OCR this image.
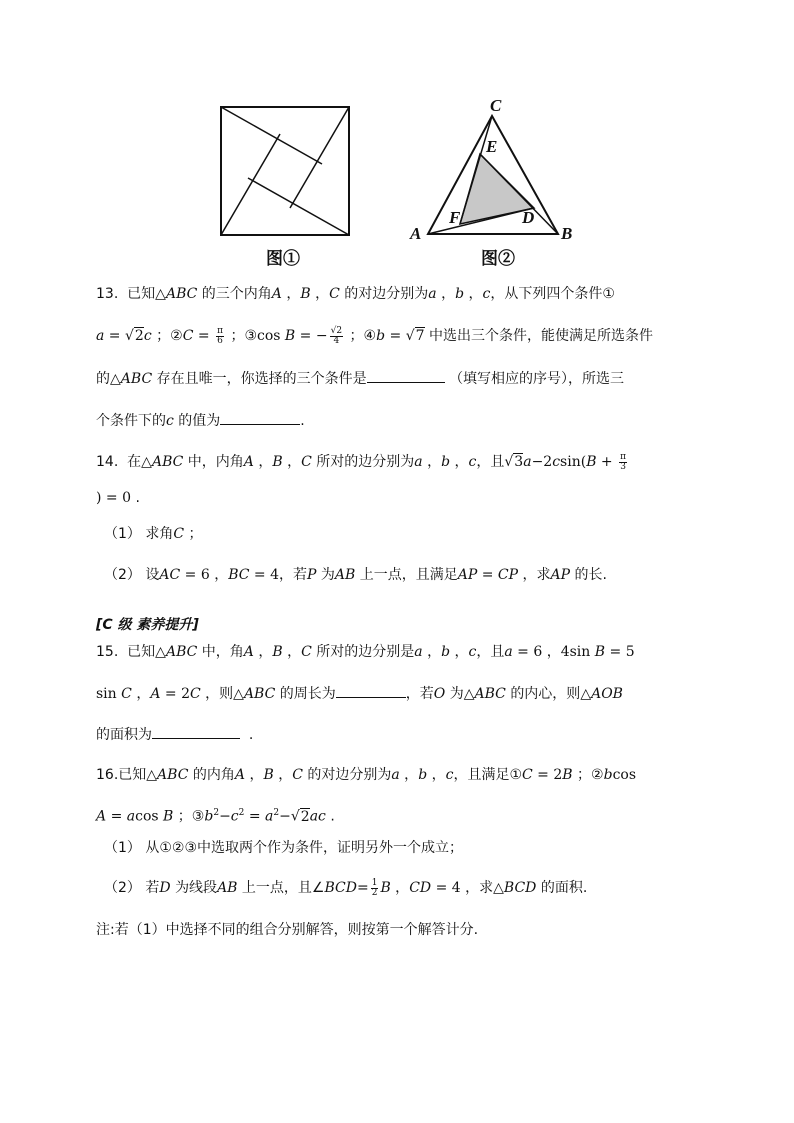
图①
C
E
F	D
A	B
图②
13. 已知△ABC 的三个内角A ，B ，C 的对边分别为a ，b ，c，从下列四个条件①
a = √2c ；②C = $\frac{\pi}{6}$ ；③cos B = − $\frac{√2}{4}$ ；④b = √7 中选出三个条件，能使满足所选条件
的△ABC 存在且唯一，你选择的三个条件是	（填写相应的序号），所选三
个条件下的c 的值为	.
14. 在△ABC 中，内角A ，B ，C 所对的边分别为a ，b ，c，且$√3a-2csin(B + \frac{\pi}{3}$
) = 0 .
（1） 求角C ；
（2） 设AC = 6 ，BC = 4，若P 为AB 上一点，且满足AP = CP ，求AP 的长.
[C 级 素养提升]
15. 已知△ABC 中，角A ，B ，C 所对的边分别是a ，b ，c，且a = 6 ，4sin B = 5
sin C ，A = 2C ，则△ABC 的周长为	，若O 为△ABC 的内心，则△AOB
的面积为	.
16.已知△ABC 的内角A ，B ，C 的对边分别为a ，b ，c，且满足①C = 2B ；②bcos
A = acos B ；$③b^2-c^2 = a^2-√2ac$ .
（1） 从①②③中选取两个作为条件，证明另外一个成立；
（2） 若D 为线段AB 上一点，且∠BCD= $\frac{1}{2}$ B ，CD = 4 ，求△BCD 的面积.
注:若（1）中选择不同的组合分别解答，则按第一个解答计分.
